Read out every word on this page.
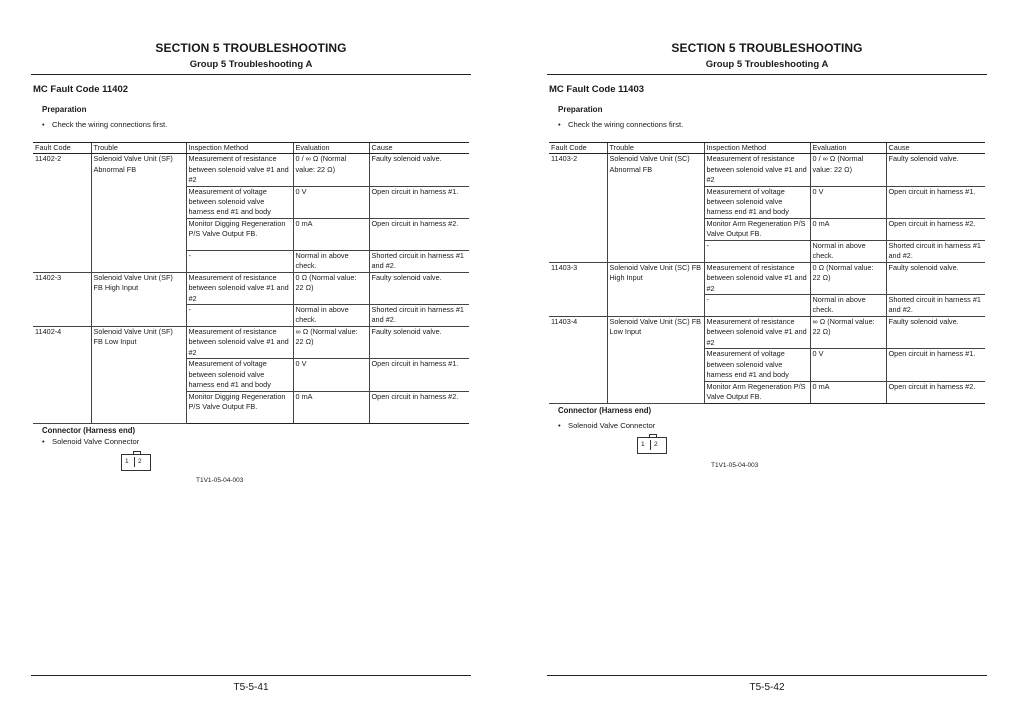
SECTION 5 TROUBLESHOOTING
Group 5 Troubleshooting A
MC Fault Code 11402
Preparation
• Check the wiring connections first.
Fault Code	Trouble	Inspection Method	Evaluation	Cause
11402-2	Solenoid Valve Unit (SF) Abnormal FB	Measurement of resistance between solenoid valve #1 and #2	0 / ∞ Ω (Normal value: 22 Ω)	Faulty solenoid valve.
		Measurement of voltage between solenoid valve harness end #1 and body	0 V	Open circuit in harness #1.
		Monitor Digging Regeneration P/S Valve Output FB.	0 mA	Open circuit in harness #2.
		-	Normal in above check.	Shorted circuit in harness #1 and #2.
11402-3	Solenoid Valve Unit (SF) FB High Input	Measurement of resistance between solenoid valve #1 and #2	0 Ω (Normal value: 22 Ω)	Faulty solenoid valve.
		-	Normal in above check.	Shorted circuit in harness #1 and #2.
11402-4	Solenoid Valve Unit (SF) FB Low Input	Measurement of resistance between solenoid valve #1 and #2	∞ Ω (Normal value: 22 Ω)	Faulty solenoid valve.
		Measurement of voltage between solenoid valve harness end #1 and body	0 V	Open circuit in harness #1.
		Monitor Digging Regeneration P/S Valve Output FB.	0 mA	Open circuit in harness #2.
Connector (Harness end)
• Solenoid Valve Connector
1 2
T1V1-05-04-003
T5-5-41
SECTION 5 TROUBLESHOOTING
Group 5 Troubleshooting A
MC Fault Code 11403
Preparation
• Check the wiring connections first.
Fault Code	Trouble	Inspection Method	Evaluation	Cause
11403-2	Solenoid Valve Unit (SC) Abnormal FB	Measurement of resistance between solenoid valve #1 and #2	0 / ∞ Ω (Normal value: 22 Ω)	Faulty solenoid valve.
		Measurement of voltage between solenoid valve harness end #1 and body	0 V	Open circuit in harness #1.
		Monitor Arm Regeneration P/S Valve Output FB.	0 mA	Open circuit in harness #2.
		-	Normal in above check.	Shorted circuit in harness #1 and #2.
11403-3	Solenoid Valve Unit (SC) FB High Input	Measurement of resistance between solenoid valve #1 and #2	0 Ω (Normal value: 22 Ω)	Faulty solenoid valve.
		-	Normal in above check.	Shorted circuit in harness #1 and #2.
11403-4	Solenoid Valve Unit (SC) FB Low Input	Measurement of resistance between solenoid valve #1 and #2	∞ Ω (Normal value: 22 Ω)	Faulty solenoid valve.
		Measurement of voltage between solenoid valve harness end #1 and body	0 V	Open circuit in harness #1.
		Monitor Arm Regeneration P/S Valve Output FB.	0 mA	Open circuit in harness #2.
Connector (Harness end)
• Solenoid Valve Connector
1 2
T1V1-05-04-003
T5-5-42
